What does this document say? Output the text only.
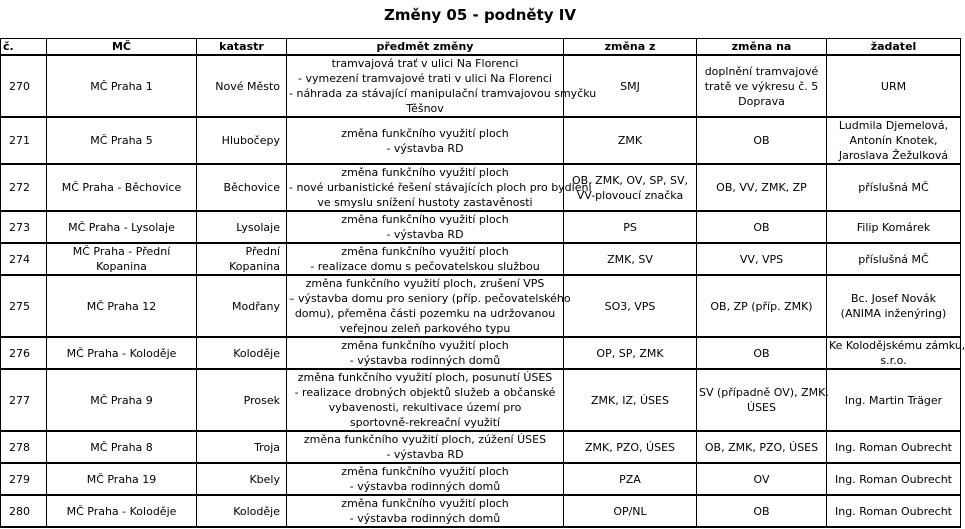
Změny 05 - podněty IV
č.	MČ	katastr	předmět změny	změna z	změna na	žadatel
270	MČ Praha 1	Nové Město	tramvajová trať v ulici Na Florenci
- vymezení tramvajové trati v ulici Na Florenci
- náhrada za stávající manipulační tramvajovou smyčku
Těšnov	SMJ	doplnění tramvajové
tratě ve výkresu č. 5
Doprava	URM

271	MČ Praha 5	Hlubočepy	změna funkčního využití ploch
- výstavba RD	ZMK	OB	Ludmila Djemelová,
Antonín Knotek,
Jaroslava Žežulková

272	MČ Praha - Běchovice	Běchovice	změna funkčního využití ploch
- nové urbanistické řešení stávajících ploch pro bydlení
ve smyslu snížení hustoty zastavěnosti	OB, ZMK, OV, SP, SV,
VV-plovoucí značka	OB, VV, ZMK, ZP	příslušná MČ

273	MČ Praha - Lysolaje	Lysolaje	změna funkčního využití ploch
- výstavba RD	PS	OB	Filip Komárek

274	MČ Praha - Přední Kopanina	Přední Kopanina	změna funkčního využití ploch
- realizace domu s pečovatelskou službou	ZMK, SV	VV, VPS	příslušná MČ

275	MČ Praha 12	Modřany	změna funkčního využití ploch, zrušení VPS
– výstavba domu pro seniory (příp. pečovatelského
domu), přeměna části pozemku na udržovanou
veřejnou zeleň parkového typu	SO3, VPS	OB, ZP (příp. ZMK)	Bc. Josef Novák
(ANIMA inženýring)

276	MČ Praha - Koloděje	Koloděje	změna funkčního využití ploch
- výstavba rodinných domů	OP, SP, ZMK	OB	Ke Kolodějskému zámku,
s.r.o.

277	MČ Praha 9	Prosek	změna funkčního využití ploch, posunutí ÚSES
- realizace drobných objektů služeb a občanské
vybavenosti, rekultivace území pro
sportovně-rekreační využití	ZMK, IZ, ÚSES	SV (případně OV), ZMK,
ÚSES	Ing. Martin Träger

278	MČ Praha 8	Troja	změna funkčního využití ploch, zúžení ÚSES
- výstavba RD	ZMK, PZO, ÚSES	OB, ZMK, PZO, ÚSES	Ing. Roman Oubrecht

279	MČ Praha 19	Kbely	změna funkčního využití ploch
- výstavba rodinných domů	PZA	OV	Ing. Roman Oubrecht

280	MČ Praha - Koloděje	Koloděje	změna funkčního využití ploch
- výstavba rodinných domů	OP/NL	OB	Ing. Roman Oubrecht
